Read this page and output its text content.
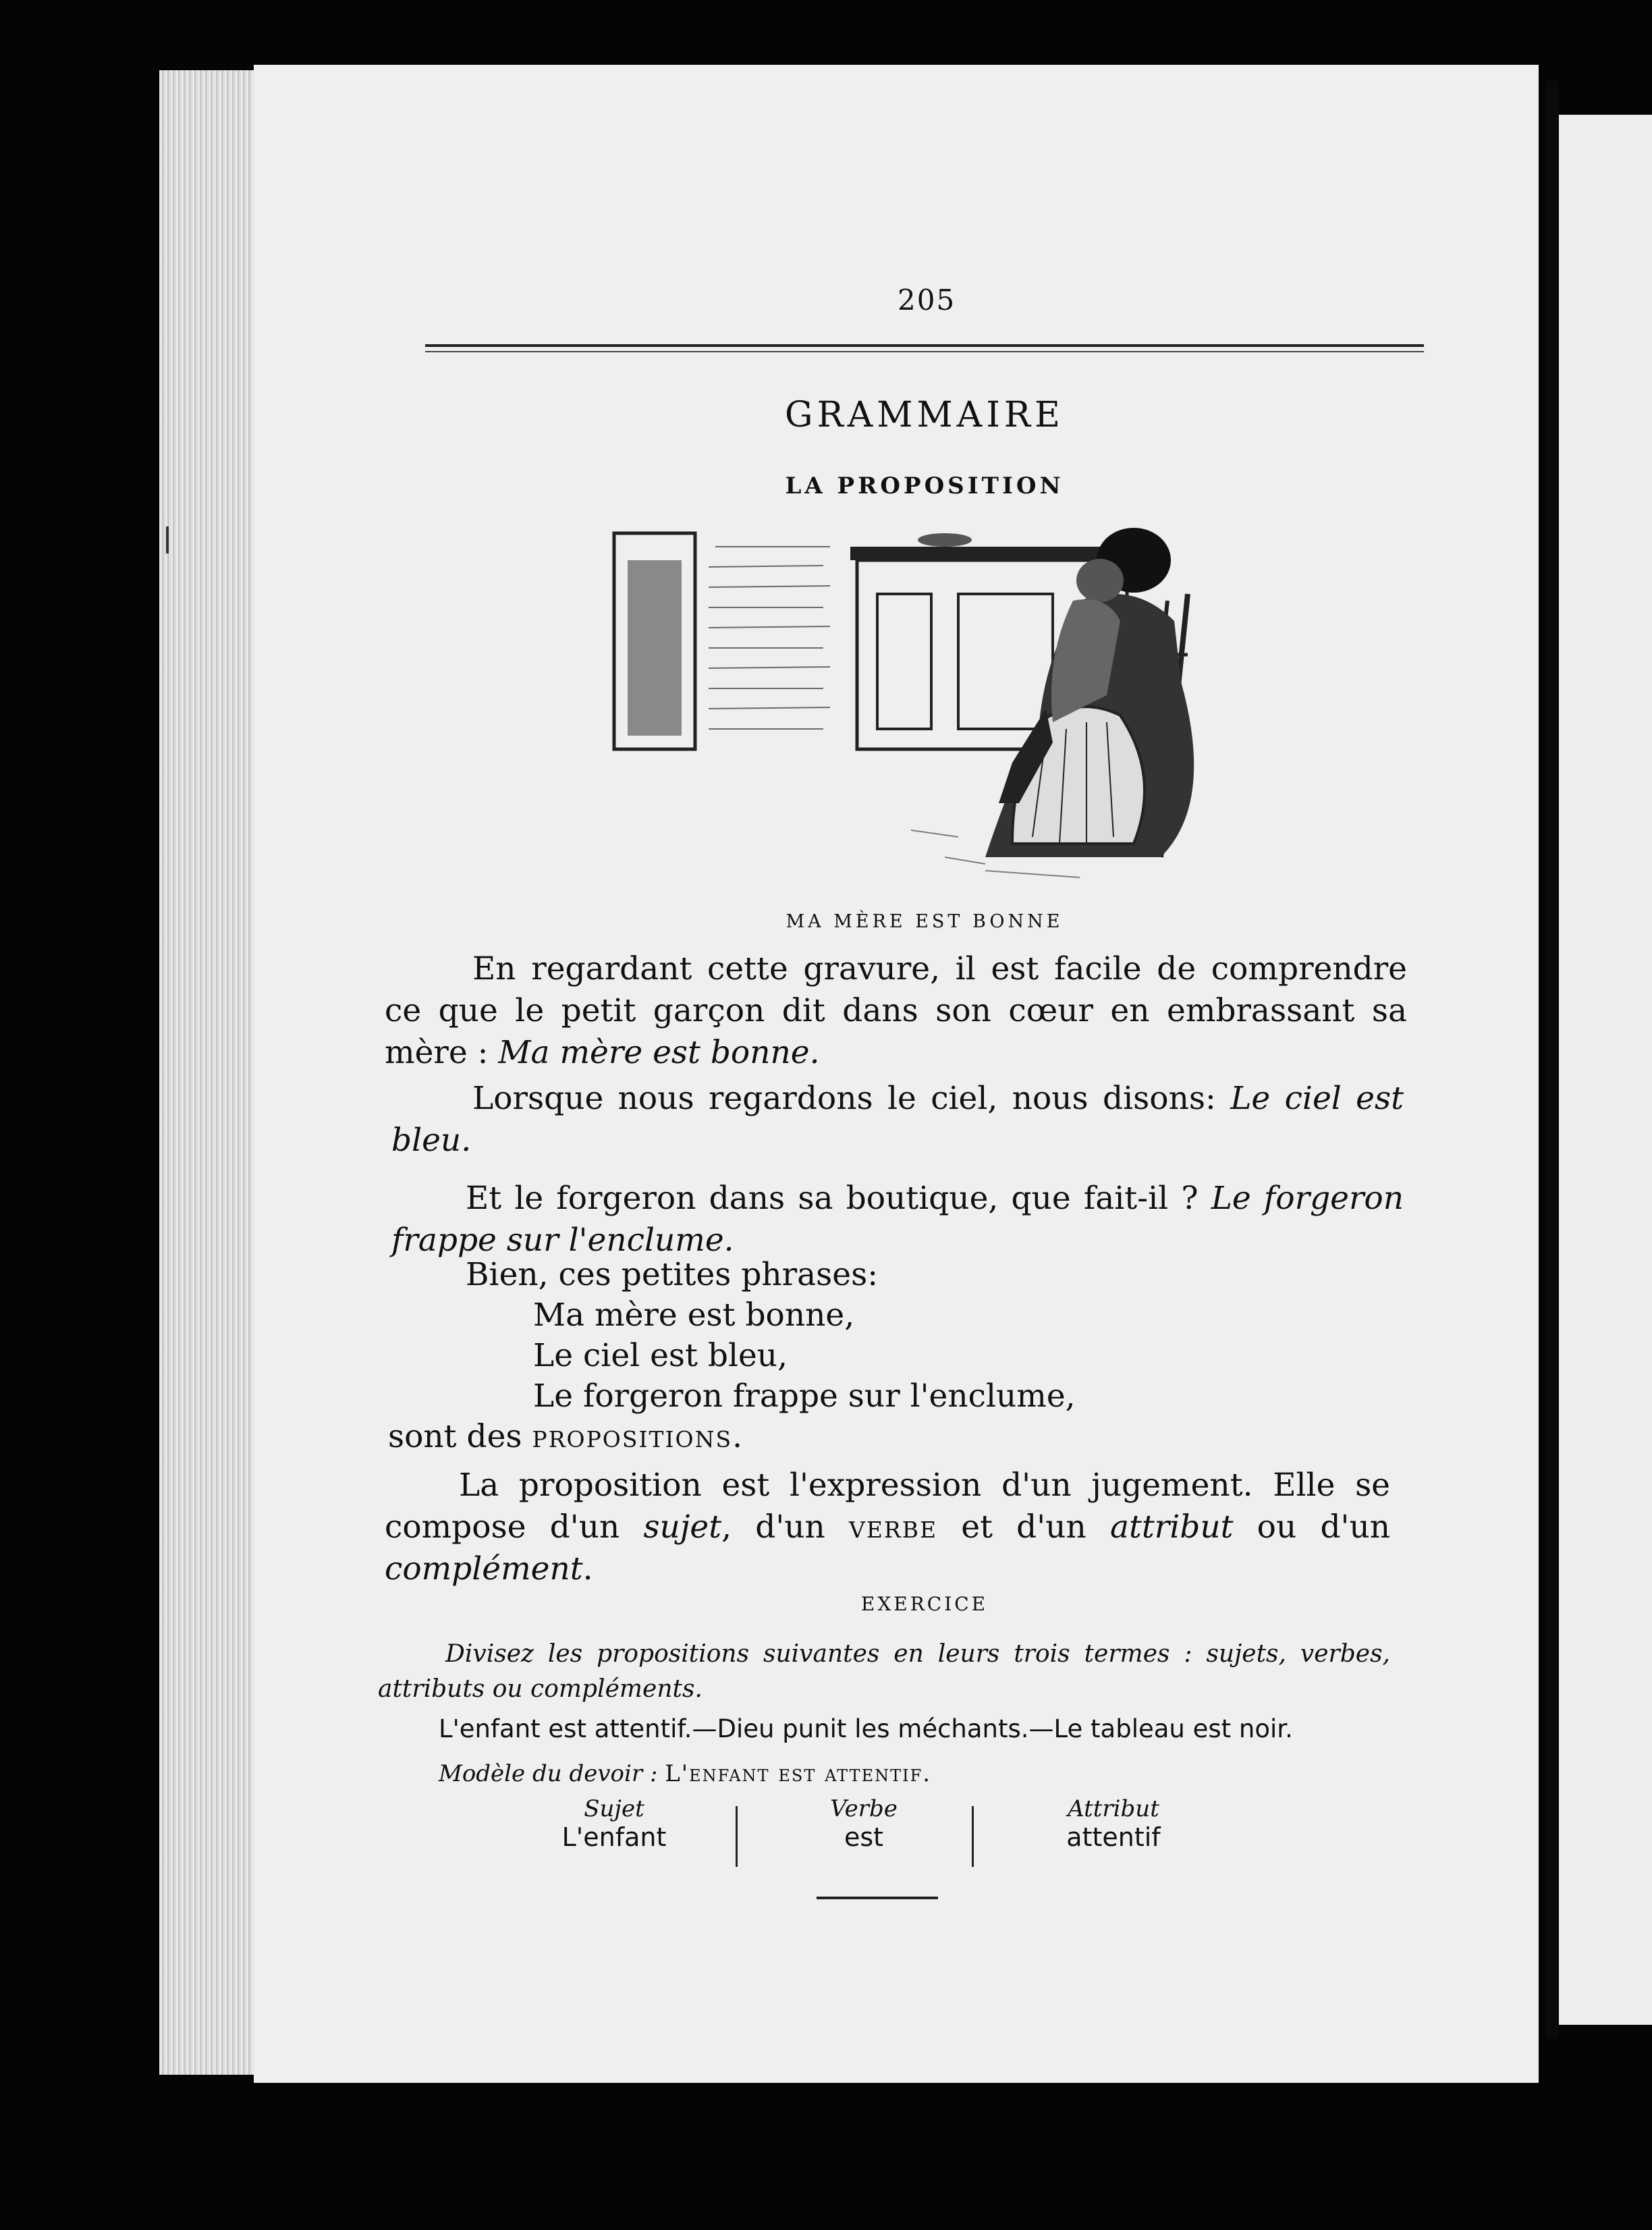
205
GRAMMAIRE
LA PROPOSITION
MA MÈRE EST BONNE
En regardant cette gravure, il est facile de comprendre ce que le petit garçon dit dans son cœur en embrassant sa mère : Ma mère est bonne.
Lorsque nous regardons le ciel, nous disons: Le ciel est bleu.
Et le forgeron dans sa boutique, que fait-il ? Le forgeron frappe sur l'enclume.
Bien, ces petites phrases:
Ma mère est bonne,
Le ciel est bleu,
Le forgeron frappe sur l'enclume,
sont des propositions.
La proposition est l'expression d'un jugement. Elle se compose d'un sujet, d'un verbe et d'un attribut ou d'un complément.
EXERCICE
Divisez les propositions suivantes en leurs trois termes : sujets, verbes, attributs ou compléments.
L'enfant est attentif.—Dieu punit les méchants.—Le tableau est noir.
Modèle du devoir : L'enfant est attentif.
Sujet
L'enfant
Verbe
est
Attribut
attentif
